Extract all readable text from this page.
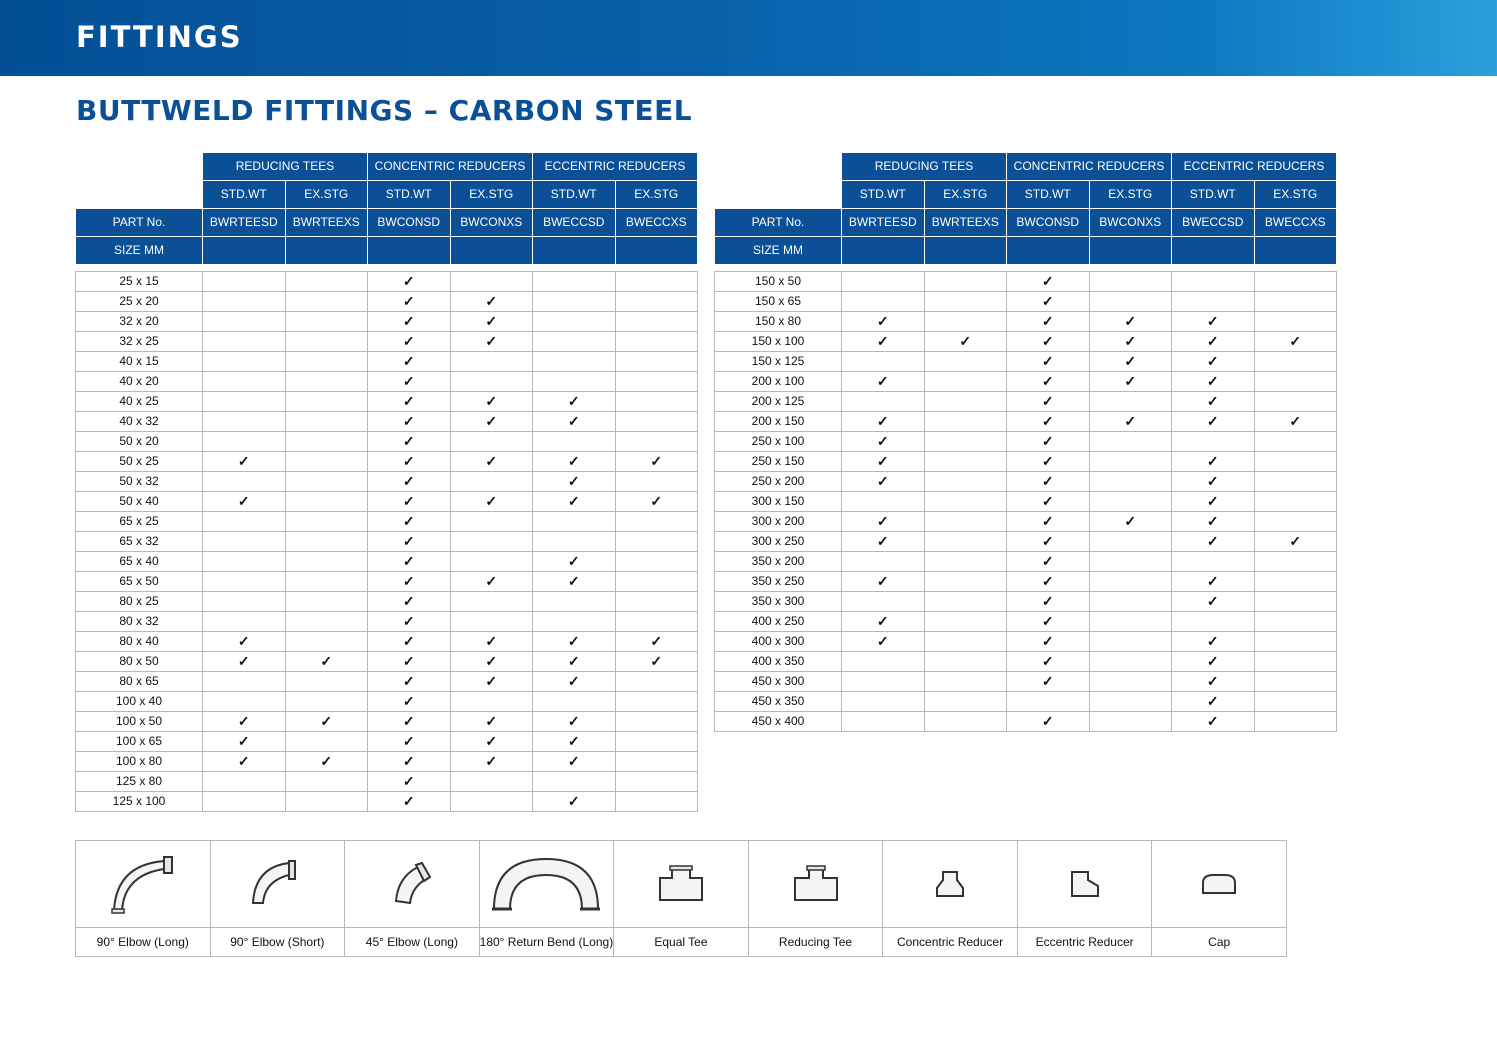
FITTINGS
BUTTWELD FITTINGS – CARBON STEEL
	REDUCING TEES		CONCENTRIC REDUCERS		ECCENTRIC REDUCERS	
	STD.WT	EX.STG	STD.WT	EX.STG	STD.WT	EX.STG
PART No.	BWRTEESD	BWRTEEXS	BWCONSD	BWCONXS	BWECCSD	BWECCXS
SIZE MM						
	REDUCING TEES		CONCENTRIC REDUCERS		ECCENTRIC REDUCERS	
	STD.WT	EX.STG	STD.WT	EX.STG	STD.WT	EX.STG
PART No.	BWRTEESD	BWRTEEXS	BWCONSD	BWCONXS	BWECCSD	BWECCXS
SIZE MM						
25 x 15			✓			
25 x 20			✓	✓		
32 x 20			✓	✓		
32 x 25			✓	✓		
40 x 15			✓			
40 x 20			✓			
40 x 25			✓	✓	✓	
40 x 32			✓	✓	✓	
50 x 20			✓			
50 x 25	✓		✓	✓	✓	✓
50 x 32			✓		✓	
50 x 40	✓		✓	✓	✓	✓
65 x 25			✓			
65 x 32			✓			
65 x 40			✓		✓	
65 x 50			✓	✓	✓	
80 x 25			✓			
80 x 32			✓			
80 x 40	✓		✓	✓	✓	✓
80 x 50	✓	✓	✓	✓	✓	✓
80 x 65			✓	✓	✓	
100 x 40			✓			
100 x 50	✓	✓	✓	✓	✓	
100 x 65	✓		✓	✓	✓	
100 x 80	✓	✓	✓	✓	✓	
125 x 80			✓			
125 x 100			✓		✓	
150 x 50			✓			
150 x 65			✓			
150 x 80	✓		✓	✓	✓	
150 x 100	✓	✓	✓	✓	✓	✓
150 x 125			✓	✓	✓	
200 x 100	✓		✓	✓	✓	
200 x 125			✓		✓	
200 x 150	✓		✓	✓	✓	✓
250 x 100	✓		✓			
250 x 150	✓		✓		✓	
250 x 200	✓		✓		✓	
300 x 150			✓		✓	
300 x 200	✓		✓	✓	✓	
300 x 250	✓		✓		✓	✓
350 x 200			✓			
350 x 250	✓		✓		✓	
350 x 300			✓		✓	
400 x 250	✓		✓			
400 x 300	✓		✓		✓	
400 x 350			✓		✓	
450 x 300			✓		✓	
450 x 350					✓	
450 x 400			✓		✓	

90° Elbow (Long)	90° Elbow (Short)	45° Elbow (Long)	180° Return Bend (Long)	Equal Tee	Reducing Tee	Concentric Reducer	Eccentric Reducer	Cap
